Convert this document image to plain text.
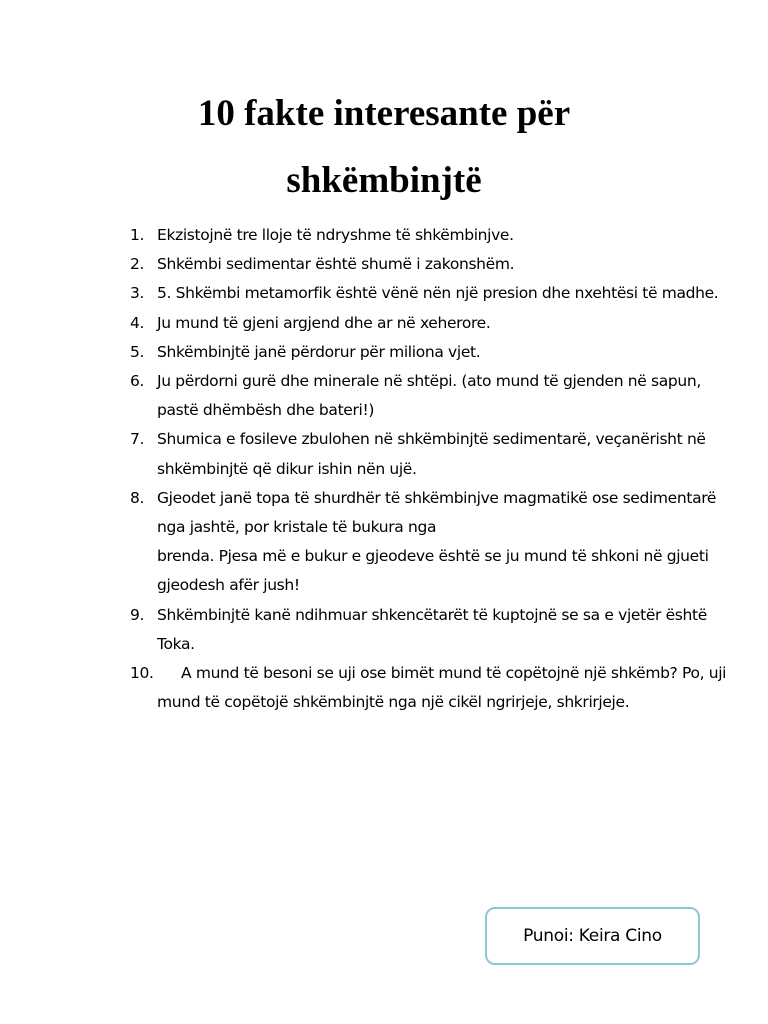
10 fakte interesante për
shkëmbinjtë
1. Ekzistojnë tre lloje të ndryshme të shkëmbinjve.
2. Shkëmbi sedimentar është shumë i zakonshëm.
3. 5. Shkëmbi metamorfik është vënë nën një presion dhe nxehtësi të madhe.
4. Ju mund të gjeni argjend dhe ar në xeherore.
5. Shkëmbinjtë janë përdorur për miliona vjet.
6. Ju përdorni gurë dhe minerale në shtëpi. (ato mund të gjenden në sapun, pastë dhëmbësh dhe bateri!)
7. Shumica e fosileve zbulohen në shkëmbinjtë sedimentarë, veçanërisht në shkëmbinjtë që dikur ishin nën ujë.
8. Gjeodet janë topa të shurdhër të shkëmbinjve magmatikë ose sedimentarë nga jashtë, por kristale të bukura nga
brenda. Pjesa më e bukur e gjeodeve është se ju mund të shkoni në gjueti gjeodesh afër jush!
9. Shkëmbinjtë kanë ndihmuar shkencëtarët të kuptojnë se sa e vjetër është Toka.
10.	A mund të besoni se uji ose bimët mund të copëtojnë një shkëmb? Po, uji mund të copëtojë shkëmbinjtë nga një cikël ngrirjeje, shkrirjeje.
Punoi: Keira Cino
